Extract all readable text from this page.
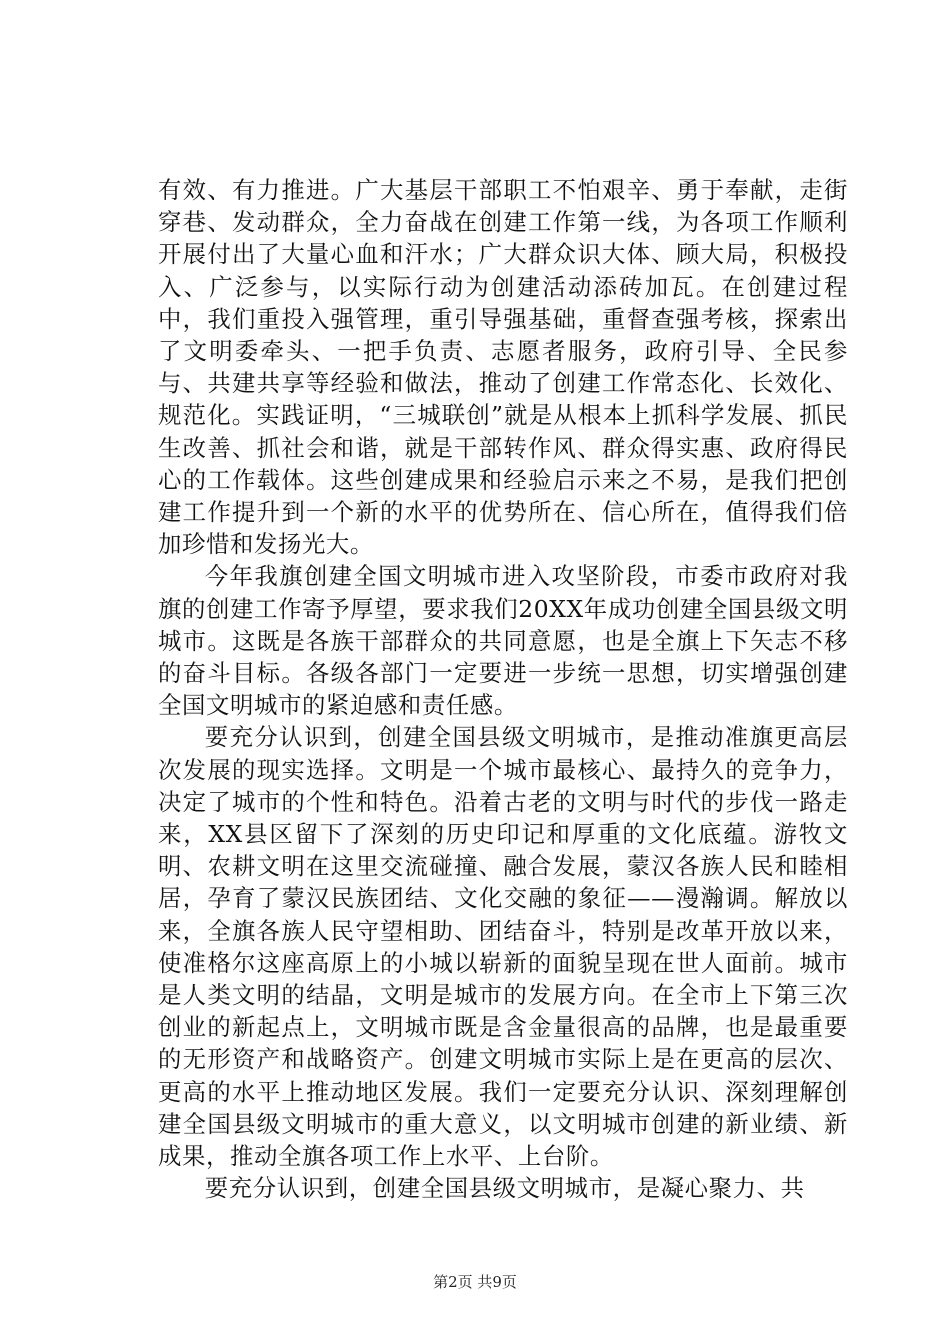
有效、有力推进。广大基层干部职工不怕艰辛、勇于奉献，走街穿巷、发动群众，全力奋战在创建工作第一线，为各项工作顺利开展付出了大量心血和汗水；广大群众识大体、顾大局，积极投入、广泛参与，以实际行动为创建活动添砖加瓦。在创建过程中，我们重投入强管理，重引导强基础，重督查强考核，探索出了文明委牵头、一把手负责、志愿者服务，政府引导、全民参与、共建共享等经验和做法，推动了创建工作常态化、长效化、规范化。实践证明，“三城联创”就是从根本上抓科学发展、抓民生改善、抓社会和谐，就是干部转作风、群众得实惠、政府得民心的工作载体。这些创建成果和经验启示来之不易，是我们把创建工作提升到一个新的水平的优势所在、信心所在，值得我们倍加珍惜和发扬光大。

今年我旗创建全国文明城市进入攻坚阶段，市委市政府对我旗的创建工作寄予厚望，要求我们20XX年成功创建全国县级文明城市。这既是各族干部群众的共同意愿，也是全旗上下矢志不移的奋斗目标。各级各部门一定要进一步统一思想，切实增强创建全国文明城市的紧迫感和责任感。

要充分认识到，创建全国县级文明城市，是推动准旗更高层次发展的现实选择。文明是一个城市最核心、最持久的竞争力，决定了城市的个性和特色。沿着古老的文明与时代的步伐一路走来，XX县区留下了深刻的历史印记和厚重的文化底蕴。游牧文明、农耕文明在这里交流碰撞、融合发展，蒙汉各族人民和睦相居，孕育了蒙汉民族团结、文化交融的象征——漫瀚调。解放以来，全旗各族人民守望相助、团结奋斗，特别是改革开放以来，使准格尔这座高原上的小城以崭新的面貌呈现在世人面前。城市是人类文明的结晶，文明是城市的发展方向。在全市上下第三次创业的新起点上，文明城市既是含金量很高的品牌，也是最重要的无形资产和战略资产。创建文明城市实际上是在更高的层次、更高的水平上推动地区发展。我们一定要充分认识、深刻理解创建全国县级文明城市的重大意义，以文明城市创建的新业绩、新成果，推动全旗各项工作上水平、上台阶。

要充分认识到，创建全国县级文明城市，是凝心聚力、共

第2页 共9页
